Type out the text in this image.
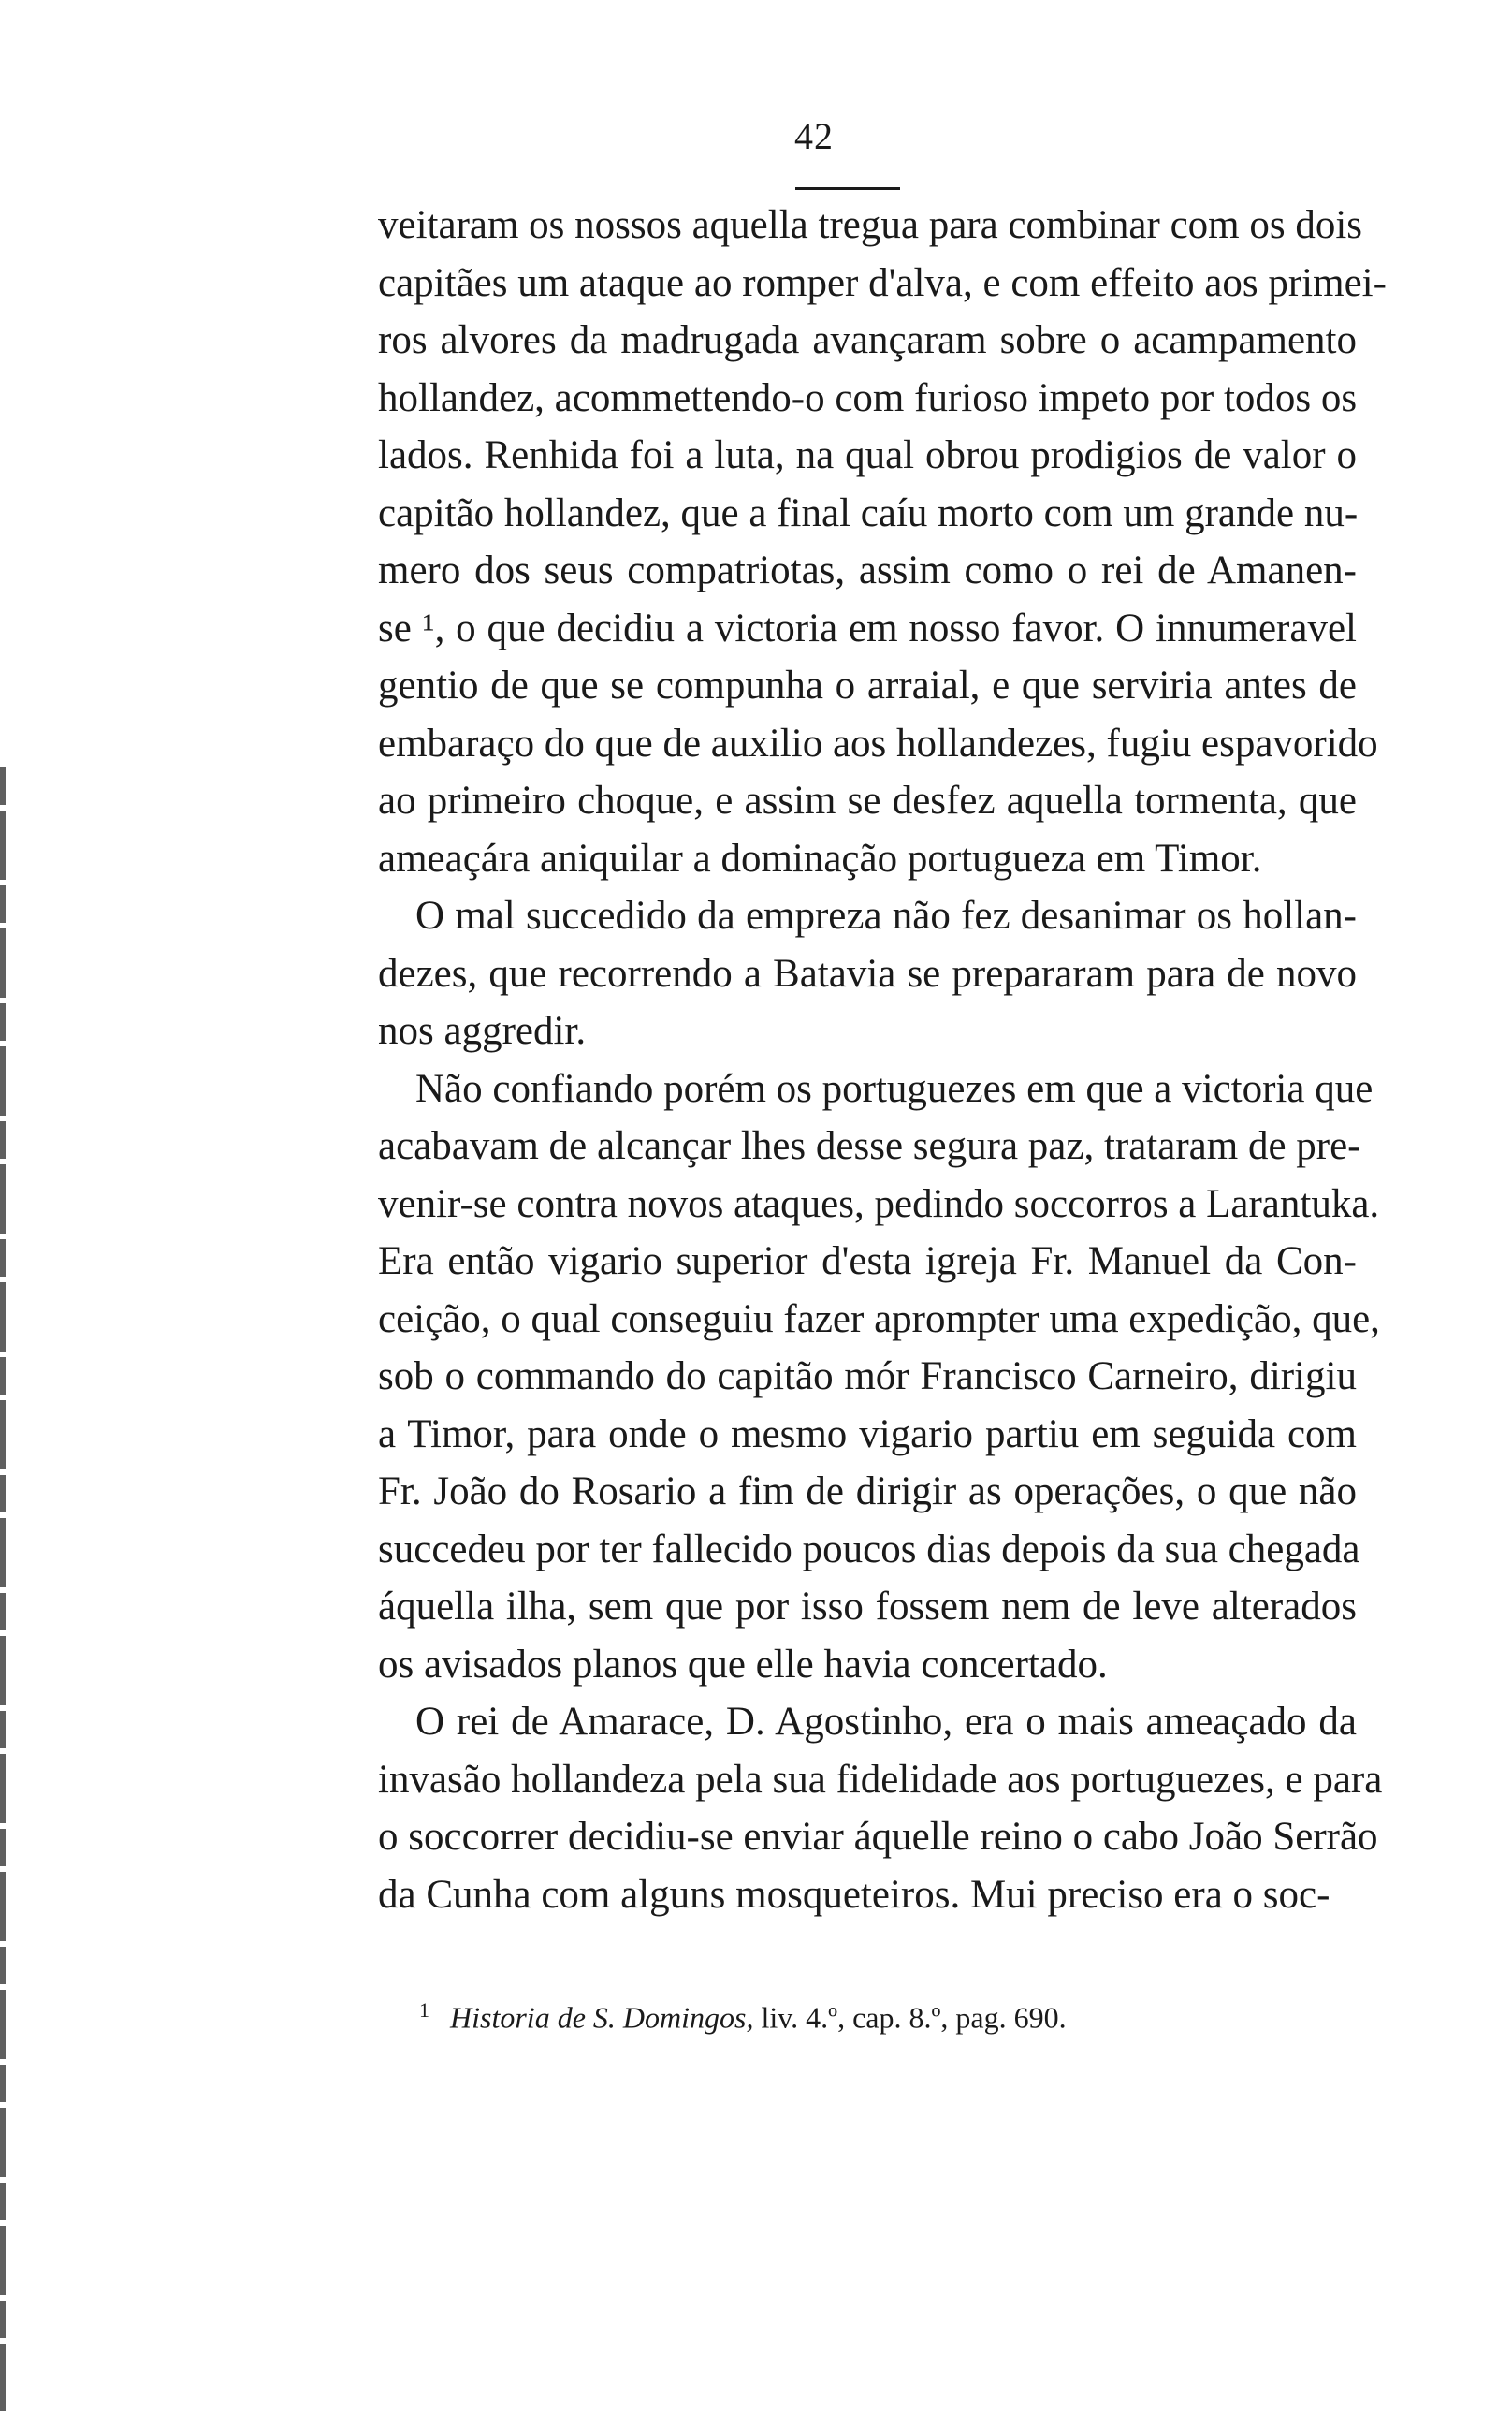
42
veitaram os nossos aquella tregua para combinar com os dois
capitães um ataque ao romper d'alva, e com effeito aos primei-
ros alvores da madrugada avançaram sobre o acampamento
hollandez, acommettendo-o com furioso impeto por todos os
lados. Renhida foi a luta, na qual obrou prodigios de valor o
capitão hollandez, que a final caíu morto com um grande nu-
mero dos seus compatriotas, assim como o rei de Amanen-
se ¹, o que decidiu a victoria em nosso favor. O innumeravel
gentio de que se compunha o arraial, e que serviria antes de
embaraço do que de auxilio aos hollandezes, fugiu espavorido
ao primeiro choque, e assim se desfez aquella tormenta, que
ameaçára aniquilar a dominação portugueza em Timor.
O mal succedido da empreza não fez desanimar os hollan-
dezes, que recorrendo a Batavia se prepararam para de novo
nos aggredir.
Não confiando porém os portuguezes em que a victoria que
acabavam de alcançar lhes desse segura paz, trataram de pre-
venir-se contra novos ataques, pedindo soccorros a Larantuka.
Era então vigario superior d'esta igreja Fr. Manuel da Con-
ceição, o qual conseguiu fazer aprompter uma expedição, que,
sob o commando do capitão mór Francisco Carneiro, dirigiu
a Timor, para onde o mesmo vigario partiu em seguida com
Fr. João do Rosario a fim de dirigir as operações, o que não
succedeu por ter fallecido poucos dias depois da sua chegada
áquella ilha, sem que por isso fossem nem de leve alterados
os avisados planos que elle havia concertado.
O rei de Amarace, D. Agostinho, era o mais ameaçado da
invasão hollandeza pela sua fidelidade aos portuguezes, e para
o soccorrer decidiu-se enviar áquelle reino o cabo João Serrão
da Cunha com alguns mosqueteiros. Mui preciso era o soc-
$^1$ Historia de S. Domingos, liv. 4.º, cap. 8.º, pag. 690.
